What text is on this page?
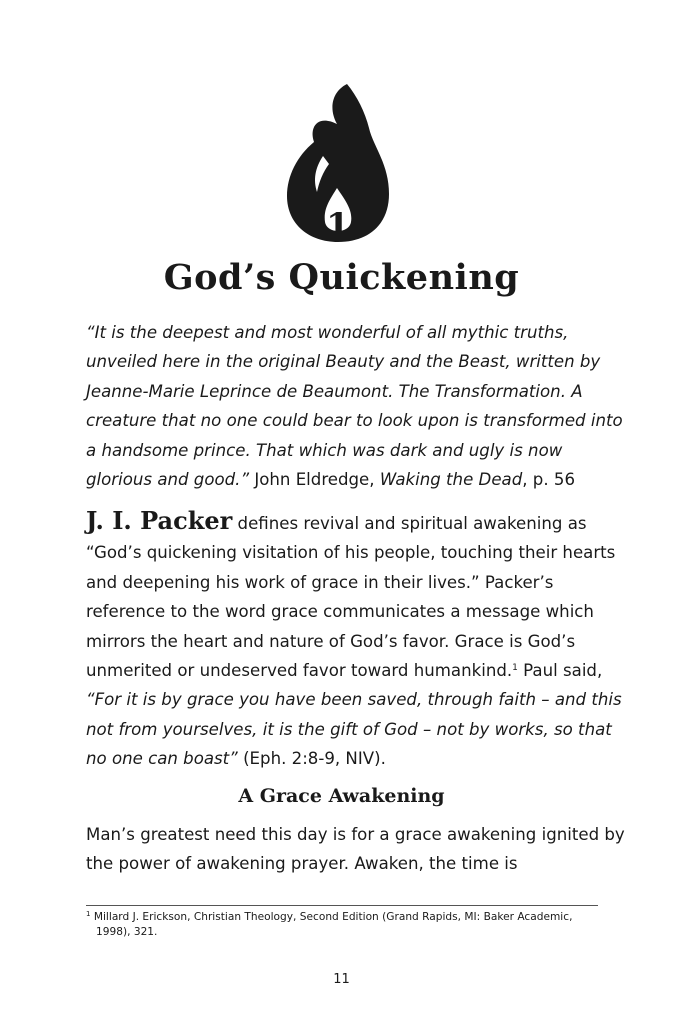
1
God’s Quickening
“It is the deepest and most wonderful of all mythic truths, unveiled here in the original Beauty and the Beast, written by Jeanne-Marie Leprince de Beaumont. The Transformation. A creature that no one could bear to look upon is transformed into a handsome prince. That which was dark and ugly is now glorious and good.” John Eldredge, Waking the Dead, p. 56
J. I. Packer defines revival and spiritual awakening as “God’s quickening visitation of his people, touching their hearts and deepening his work of grace in their lives.” Packer’s reference to the word grace communicates a message which mirrors the heart and nature of God’s favor. Grace is God’s unmerited or undeserved favor toward humankind.$^1$ Paul said, “For it is by grace you have been saved, through faith – and this not from yourselves, it is the gift of God – not by works, so that no one can boast” (Eph. 2:8-9, NIV).
A Grace Awakening
Man’s greatest need this day is for a grace awakening ignited by the power of awakening prayer. Awaken, the time is
$^1$ Millard J. Erickson, Christian Theology, Second Edition (Grand Rapids, MI: Baker Academic, 1998), 321.
11
